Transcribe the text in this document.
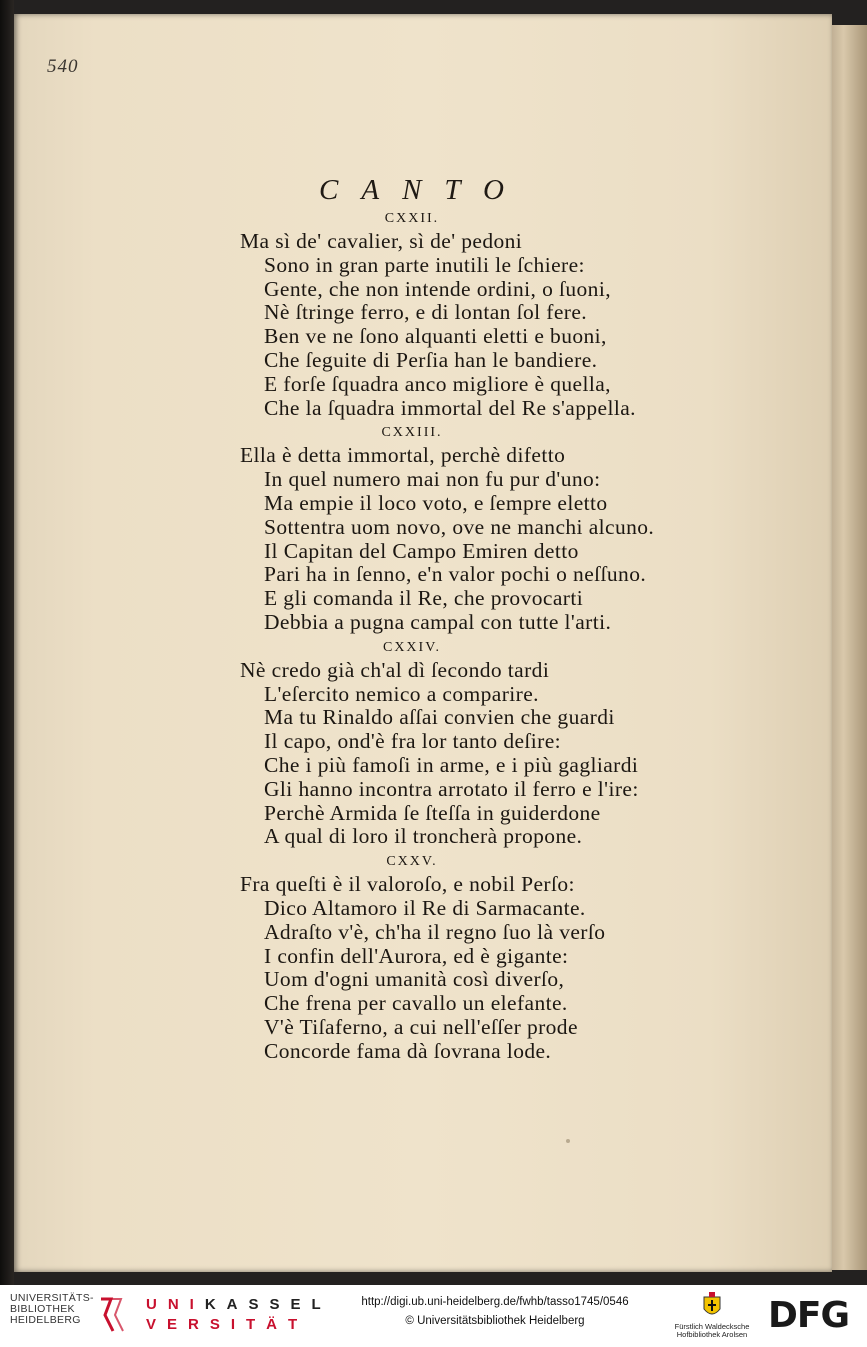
540
CANTO
CXXII.
Ma sì de' cavalier, sì de' pedoni
Sono in gran parte inutili le ſchiere:
Gente, che non intende ordini, o ſuoni,
Nè ſtringe ferro, e di lontan ſol fere.
Ben ve ne ſono alquanti eletti e buoni,
Che ſeguite di Perſia han le bandiere.
E forſe ſquadra anco migliore è quella,
Che la ſquadra immortal del Re s'appella.
CXXIII.
Ella è detta immortal, perchè difetto
In quel numero mai non fu pur d'uno:
Ma empie il loco voto, e ſempre eletto
Sottentra uom novo, ove ne manchi alcuno.
Il Capitan del Campo Emiren detto
Pari ha in ſenno, e'n valor pochi o neſſuno.
E gli comanda il Re, che provocarti
Debbia a pugna campal con tutte l'arti.
CXXIV.
Nè credo già ch'al dì ſecondo tardi
L'eſercito nemico a comparire.
Ma tu Rinaldo aſſai convien che guardi
Il capo, ond'è fra lor tanto deſire:
Che i più famoſi in arme, e i più gagliardi
Gli hanno incontra arrotato il ferro e l'ire:
Perchè Armida ſe ſteſſa in guiderdone
A qual di loro il troncherà propone.
CXXV.
Fra queſti è il valoroſo, e nobil Perſo:
Dico Altamoro il Re di Sarmacante.
Adraſto v'è, ch'ha il regno ſuo là verſo
I confin dell'Aurora, ed è gigante:
Uom d'ogni umanità così diverſo,
Che frena per cavallo un elefante.
V'è Tiſaferno, a cui nell'eſſer prode
Concorde fama dà ſovrana lode.
UNIVERSITÄTS-
BIBLIOTHEK
HEIDELBERG
UNIKASSEL
VERSITÄT
http://digi.ub.uni-heidelberg.de/fwhb/tasso1745/0546
© Universitätsbibliothek Heidelberg	Fürstlich Waldecksche
Hofbibliothek Arolsen DFG
